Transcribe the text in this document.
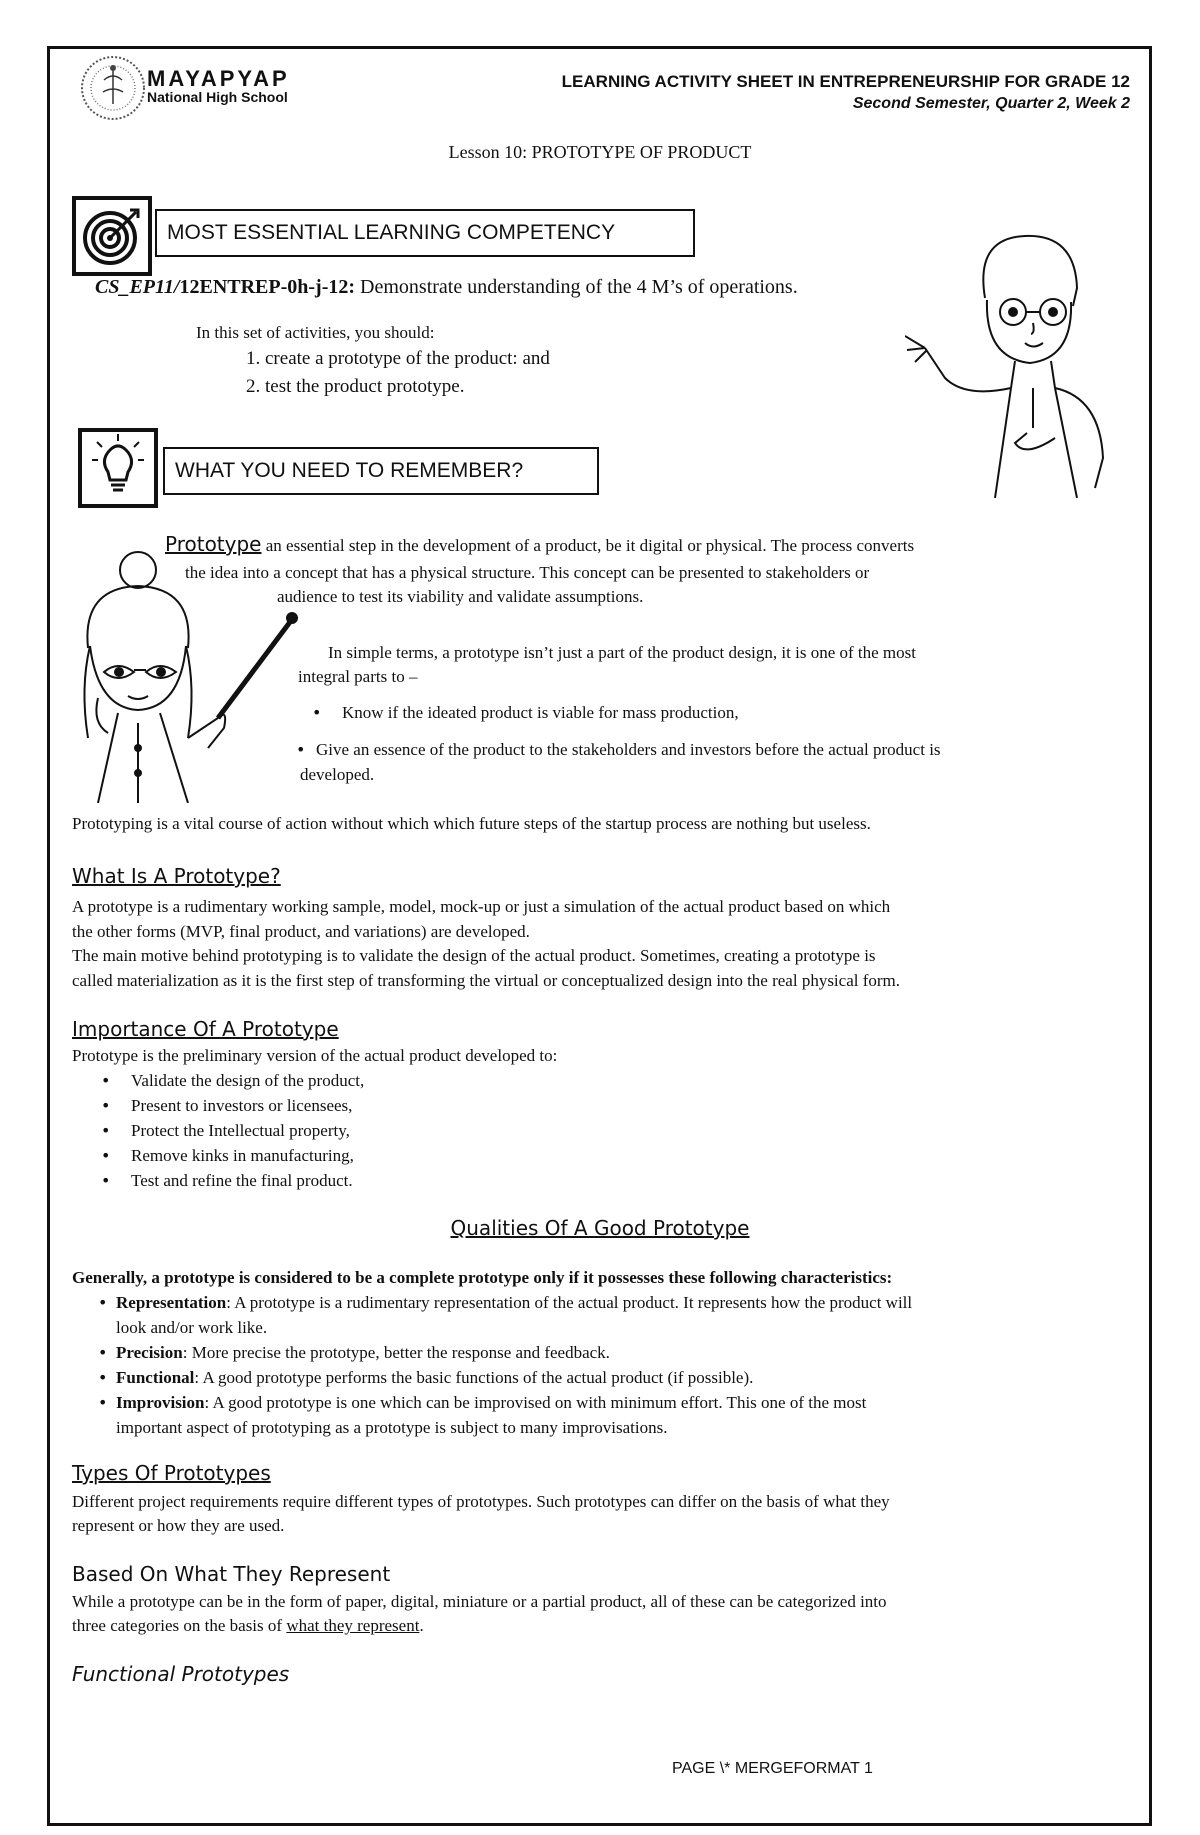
MAYAPYAP
National High School
LEARNING ACTIVITY SHEET IN ENTREPRENEURSHIP FOR GRADE 12
Second Semester, Quarter 2, Week 2
Lesson 10: PROTOTYPE OF PRODUCT
MOST ESSENTIAL LEARNING COMPETENCY
CS_EP11/12ENTREP-0h-j-12: Demonstrate understanding of the 4 M’s of operations.
In this set of activities, you should:
1. create a prototype of the product: and
2. test the product prototype.
WHAT YOU NEED TO REMEMBER?
Prototype an essential step in the development of a product, be it digital or physical. The process converts
the idea into a concept that has a physical structure. This concept can be presented to stakeholders or
audience to test its viability and validate assumptions.
In simple terms, a prototype isn’t just a part of the product design, it is one of the most
integral parts to –
• Know if the ideated product is viable for mass production,
• Give an essence of the product to the stakeholders and investors before the actual product is
developed.
Prototyping is a vital course of action without which which future steps of the startup process are nothing but useless.
What Is A Prototype?
A prototype is a rudimentary working sample, model, mock-up or just a simulation of the actual product based on which
the other forms (MVP, final product, and variations) are developed.
The main motive behind prototyping is to validate the design of the actual product. Sometimes, creating a prototype is
called materialization as it is the first step of transforming the virtual or conceptualized design into the real physical form.
Importance Of A Prototype
Prototype is the preliminary version of the actual product developed to:
• Validate the design of the product,
• Present to investors or licensees,
• Protect the Intellectual property,
• Remove kinks in manufacturing,
• Test and refine the final product.
Qualities Of A Good Prototype
Generally, a prototype is considered to be a complete prototype only if it possesses these following characteristics:
• Representation: A prototype is a rudimentary representation of the actual product. It represents how the product will
look and/or work like.
• Precision: More precise the prototype, better the response and feedback.
• Functional: A good prototype performs the basic functions of the actual product (if possible).
• Improvision: A good prototype is one which can be improvised on with minimum effort. This one of the most
important aspect of prototyping as a prototype is subject to many improvisations.
Types Of Prototypes
Different project requirements require different types of prototypes. Such prototypes can differ on the basis of what they
represent or how they are used.
Based On What They Represent
While a prototype can be in the form of paper, digital, miniature or a partial product, all of these can be categorized into
three categories on the basis of what they represent.
Functional Prototypes
PAGE \* MERGEFORMAT 1
